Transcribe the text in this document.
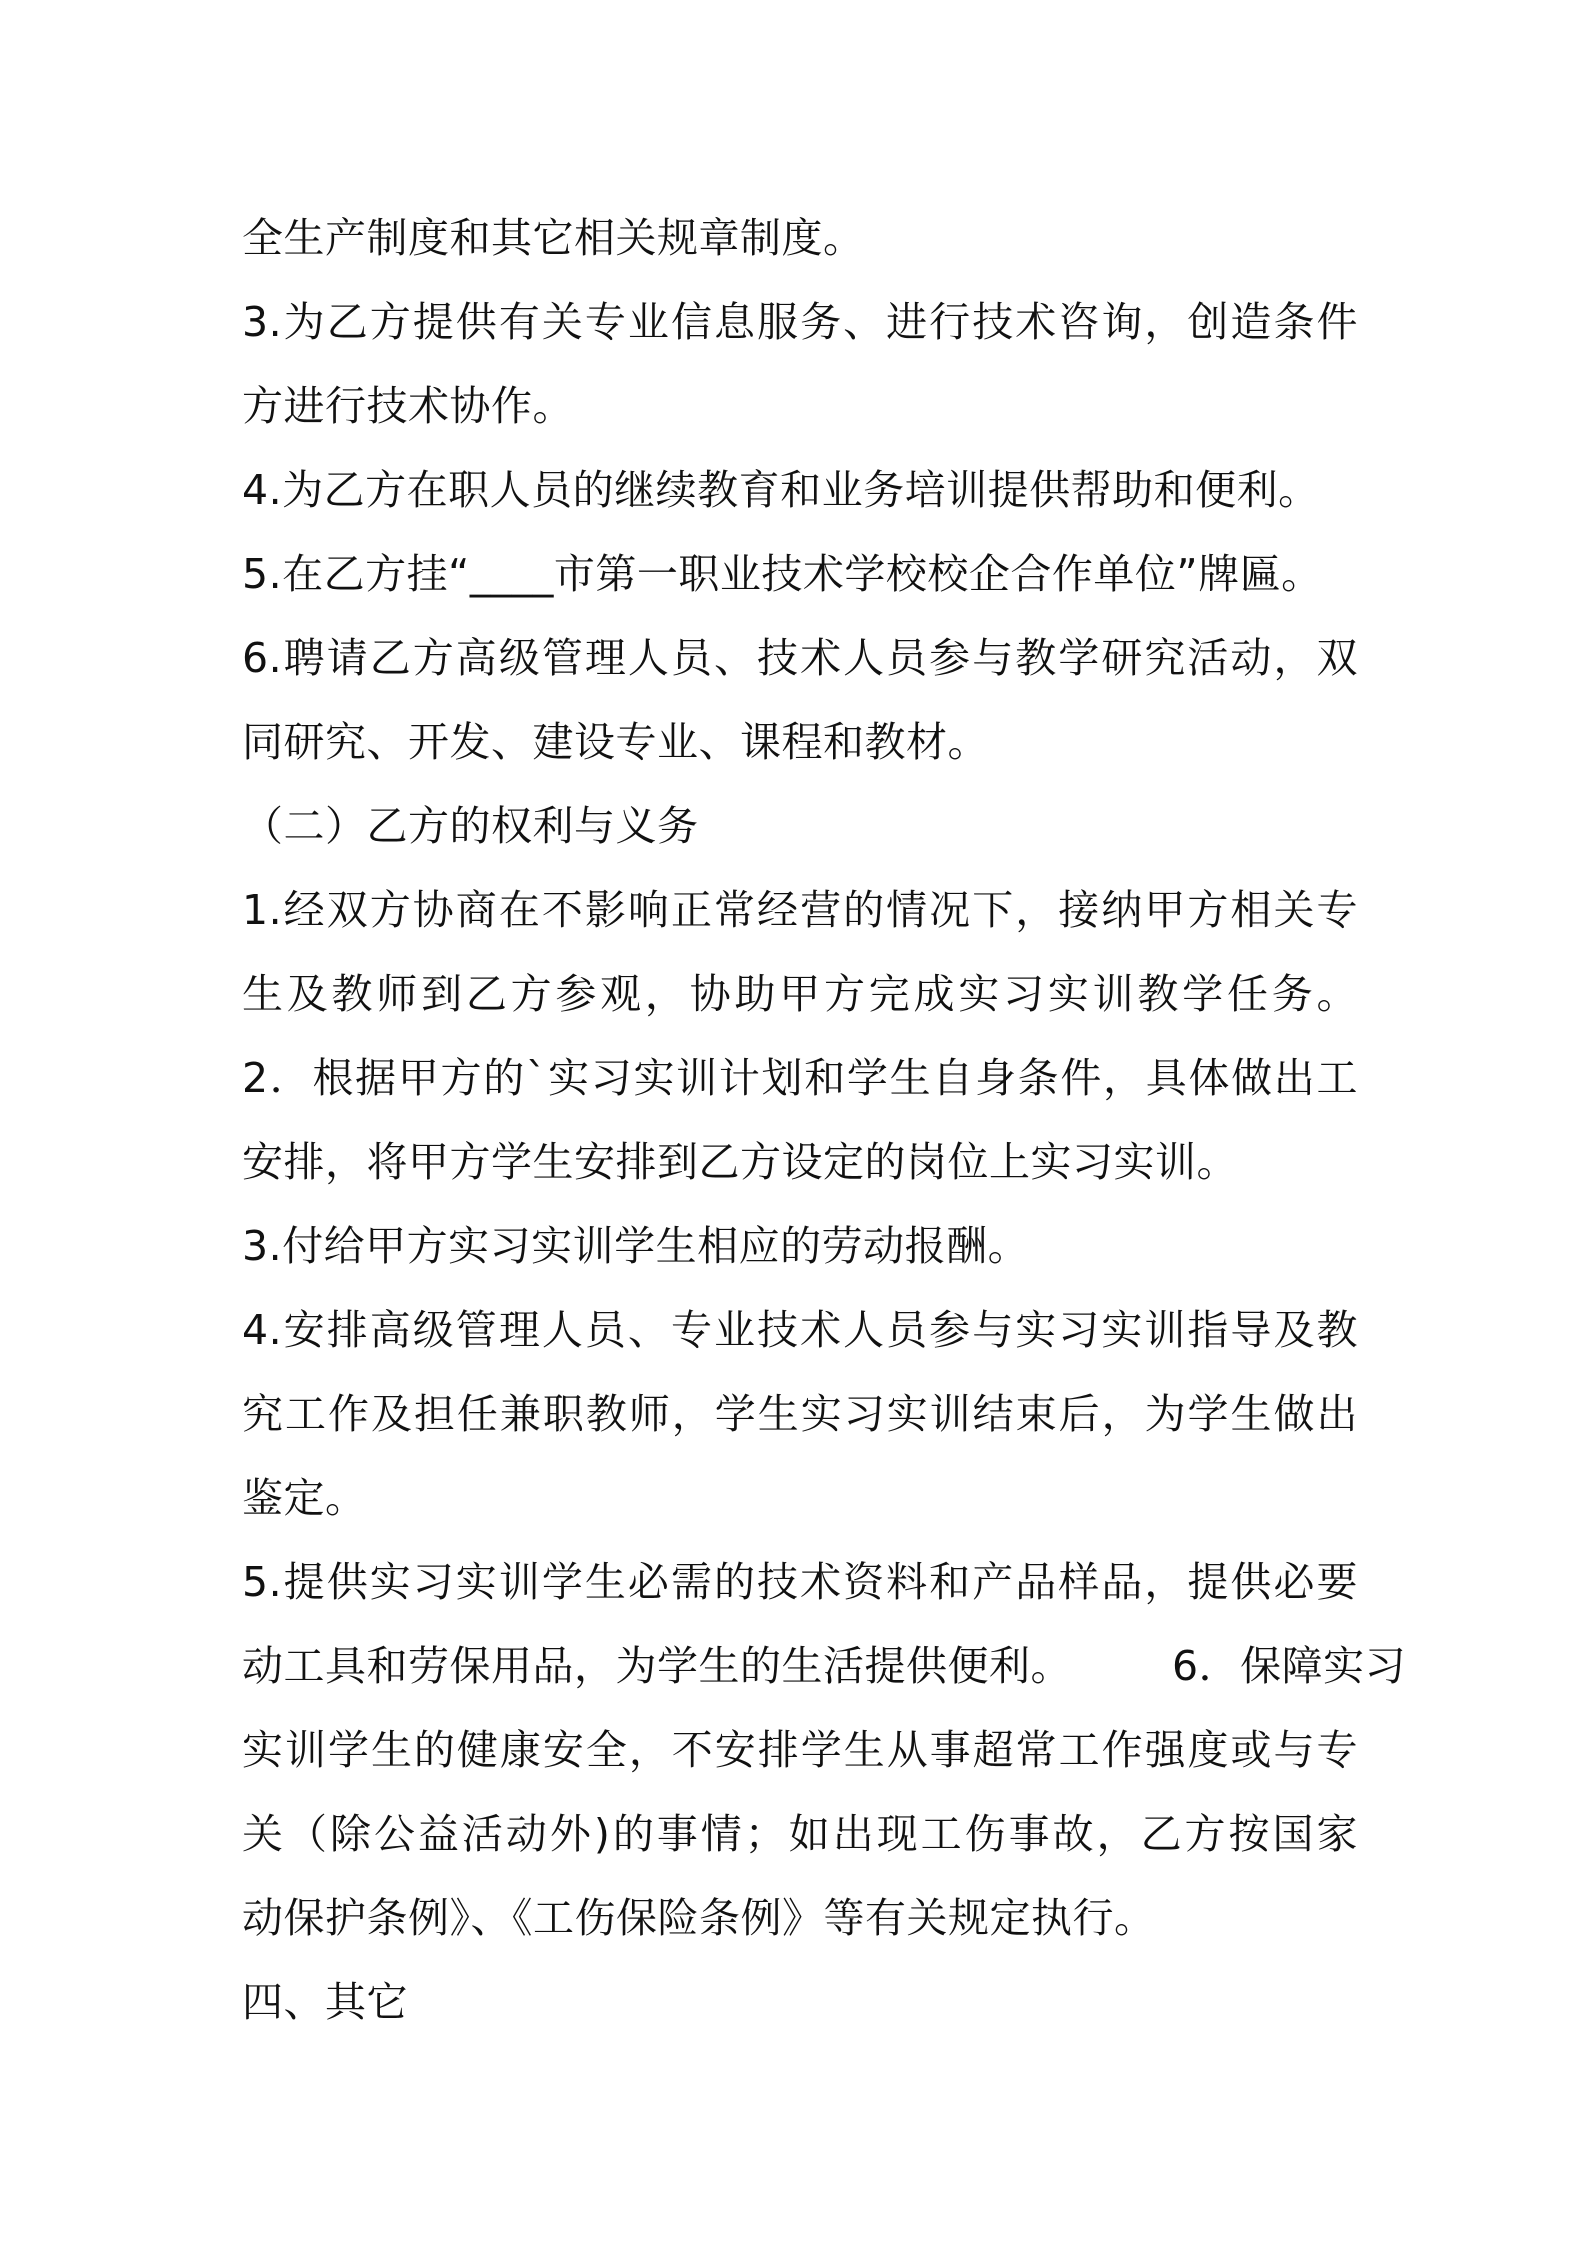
全生产制度和其它相关规章制度。
3.为乙方提供有关专业信息服务、进行技术咨询，创造条件
方进行技术协作。
4.为乙方在职人员的继续教育和业务培训提供帮助和便利。
5.在乙方挂“____市第一职业技术学校校企合作单位”牌匾。
6.聘请乙方高级管理人员、技术人员参与教学研究活动，双
同研究、开发、建设专业、课程和教材。
（二）乙方的权利与义务
1.经双方协商在不影响正常经营的情况下，接纳甲方相关专
生及教师到乙方参观，协助甲方完成实习实训教学任务。
2．根据甲方的`实习实训计划和学生自身条件，具体做出工
安排，将甲方学生安排到乙方设定的岗位上实习实训。
3.付给甲方实习实训学生相应的劳动报酬。
4.安排高级管理人员、专业技术人员参与实习实训指导及教
究工作及担任兼职教师，学生实习实训结束后，为学生做出
鉴定。
5.提供实习实训学生必需的技术资料和产品样品，提供必要
动工具和劳保用品，为学生的生活提供便利。 6．保障实习
实训学生的健康安全，不安排学生从事超常工作强度或与专
关（除公益活动外)的事情；如出现工伤事故，乙方按国家
动保护条例》、《工伤保险条例》等有关规定执行。
四、其它
